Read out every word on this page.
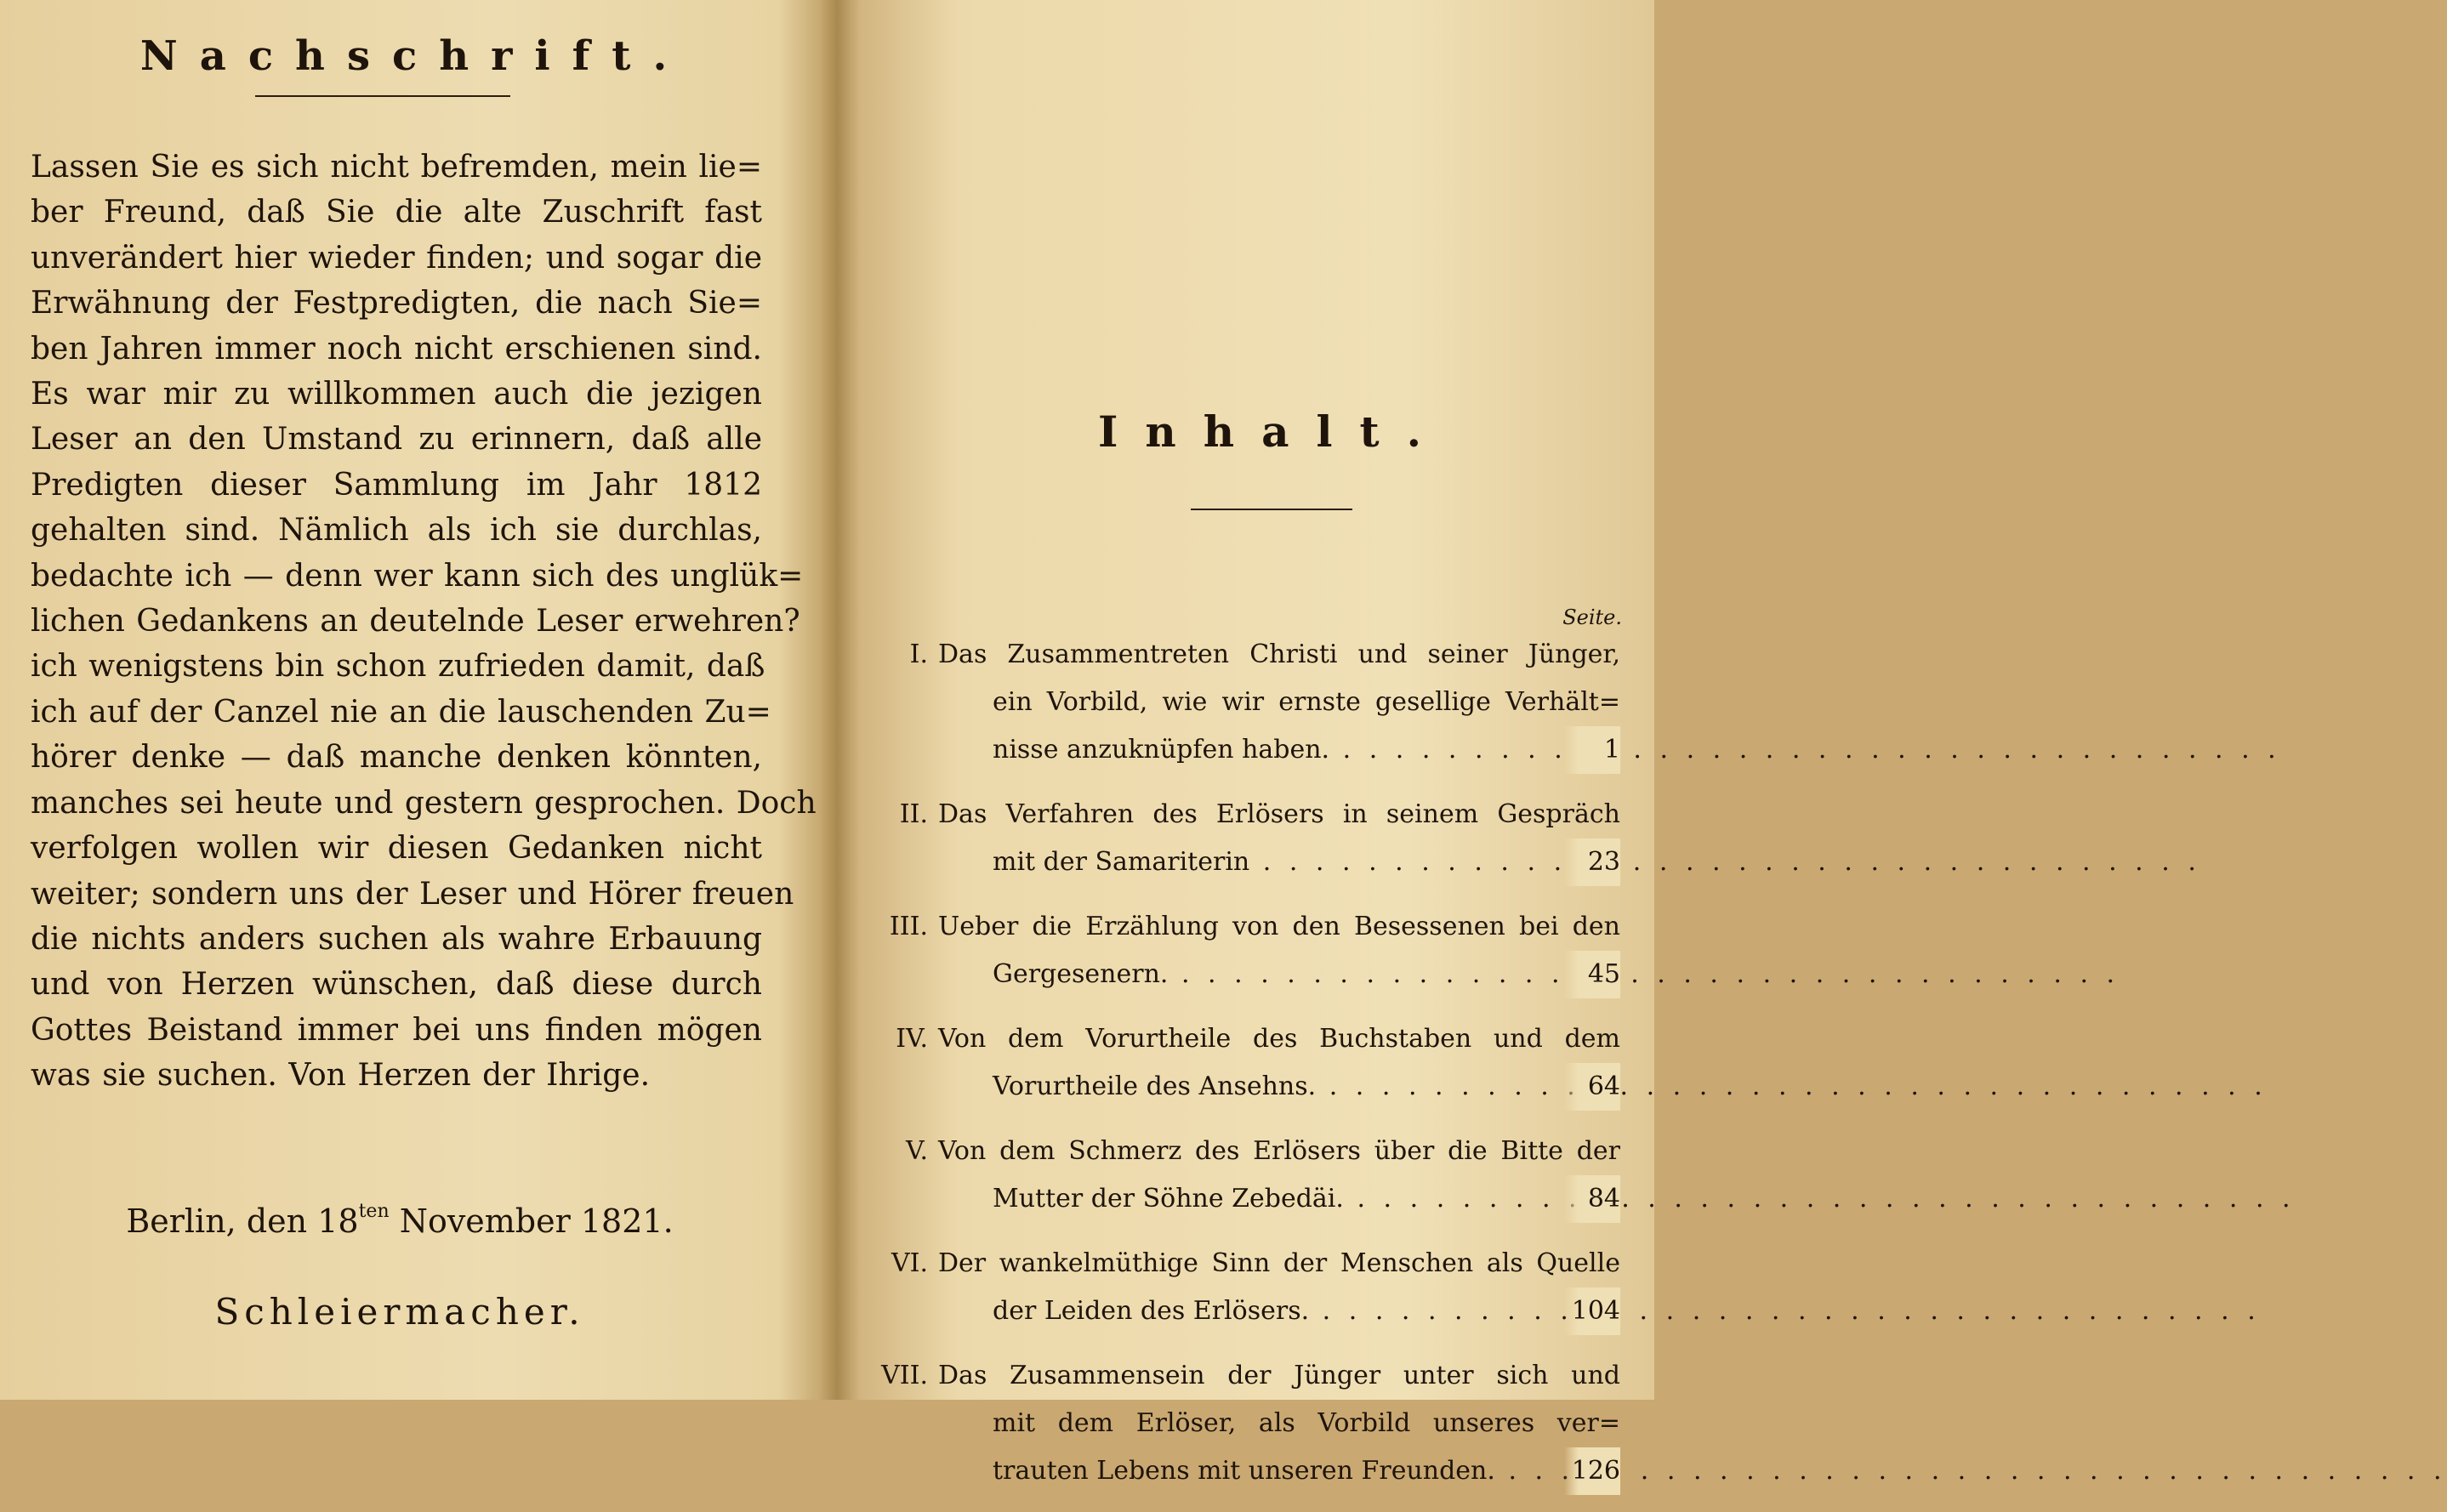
Nachschrift.
Lassen Sie es sich nicht befremden, mein lie=
ber Freund, daß Sie die alte Zuschrift fast
unverändert hier wieder finden; und sogar die
Erwähnung der Festpredigten, die nach Sie=
ben Jahren immer noch nicht erschienen sind.
Es war mir zu willkommen auch die jezigen
Leser an den Umstand zu erinnern, daß alle
Predigten dieser Sammlung im Jahr 1812
gehalten sind. Nämlich als ich sie durchlas,
bedachte ich — denn wer kann sich des unglük=
lichen Gedankens an deutelnde Leser erwehren?
ich wenigstens bin schon zufrieden damit, daß
ich auf der Canzel nie an die lauschenden Zu=
hörer denke — daß manche denken könnten,
manches sei heute und gestern gesprochen. Doch
verfolgen wollen wir diesen Gedanken nicht
weiter; sondern uns der Leser und Hörer freuen
die nichts anders suchen als wahre Erbauung
und von Herzen wünschen, daß diese durch
Gottes Beistand immer bei uns finden mögen
was sie suchen. Von Herzen der Ihrige.
Berlin, den $18^{ten}$ November 1821.
Schleiermacher.
Inhalt.
Seite.
I. Das Zusammentreten Christi und seiner Jünger,
ein Vorbild, wie wir ernste gesellige Verhält=
nisse anzuknüpfen haben. . . .	1
II. Das Verfahren des Erlösers in seinem Gespräch
mit der Samariterin . . .	23
III. Ueber die Erzählung von den Besessenen bei den
Gergesenern. . . .	45
IV. Von dem Vorurtheile des Buchstaben und dem
Vorurtheile des Ansehns. . . .	64
V. Von dem Schmerz des Erlösers über die Bitte der
Mutter der Söhne Zebedäi. . . .	84
VI. Der wankelmüthige Sinn der Menschen als Quelle
der Leiden des Erlösers. . . .	104
VII. Das Zusammensein der Jünger unter sich und
mit dem Erlöser, als Vorbild unseres ver=
trauten Lebens mit unseren Freunden. . . .	126
